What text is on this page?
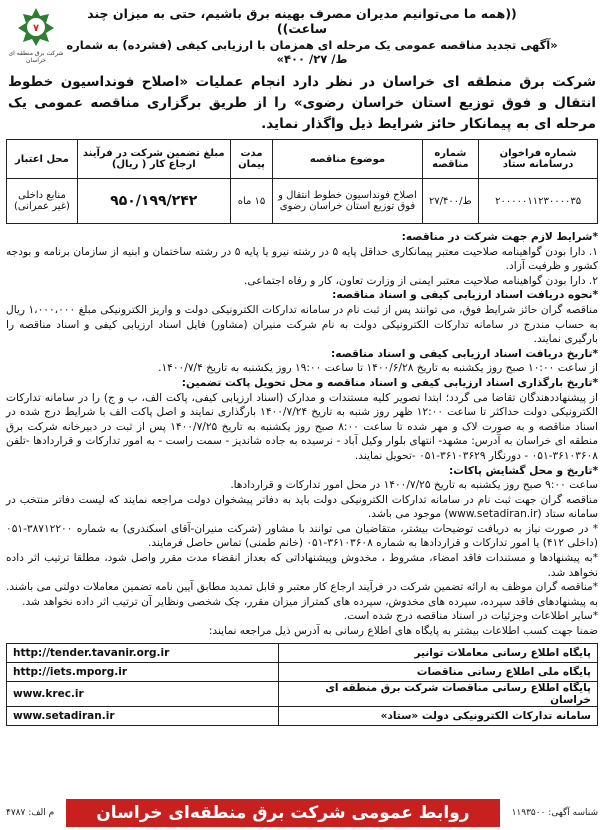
۷
شرکت برق منطقه ای خراسان
((همه ما می‌توانیم مدیران مصرف بهینه برق باشیم، حتی به میزان چند ساعت))
«آگهی تجدید مناقصه عمومی یک مرحله ای همزمان با ارزیابی کیفی (فشرده) به شماره ط/ ۲۷/ ۴۰۰»
شرکت برق منطقه ای خراسان در نظر دارد انجام عملیات «اصلاح فونداسیون خطوط انتقال و فوق توزیع استان خراسان رضوی» را از طریق برگزاری مناقصه عمومی یک مرحله ای به پیمانکار حائز شرایط ذیل واگذار نماید.
شماره فراخوان درسامانه ستاد	شماره مناقصه	موضوع مناقصه	مدت پیمان	مبلغ تضمین شرکت در فرآیند ارجاع کار ( ریال)	محل اعتبار
۲۰۰۰۰۰۱۱۲۳۰۰۰۰۳۵	ط/۲۷/۴۰۰	اصلاح فونداسیون خطوط انتقال و فوق توزیع استان خراسان رضوی	۱۵ ماه	۹۵۰/۱۹۹/۲۴۲	منابع داخلی (غیر عمرانی)

*شرایط لازم جهت شرکت در مناقصه:

۱. دارا بودن گواهینامه صلاحیت معتبر پیمانکاری حداقل پایه ۵ در رشته نیرو یا پایه ۵ در رشته ساختمان و ابنیه از سازمان برنامه و بودجه کشور و ظرفیت آزاد.

۲. دارا بودن گواهینامه صلاحیت معتبر ایمنی از وزارت تعاون، کار و رفاه اجتماعی.

*نحوه دریافت اسناد ارزیابی کیفی و اسناد مناقصه:

مناقصه گران حائز شرایط فوق، می توانند پس از ثبت نام در سامانه تدارکات الکترونیکی دولت و واریز الکترونیکی مبلغ ۱،۰۰۰،۰۰۰ ریال به حساب مندرج در سامانه تدارکات الکترونیکی دولت به نام شرکت منیران (مشاور) فایل اسناد ارزیابی کیفی و اسناد مناقصه را بارگیری نمایند.

*تاریخ دریافت اسناد ارزیابی کیفی و اسناد مناقصه:

از ساعت ۱۰:۰۰ صبح روز یکشنبه به تاریخ ۱۴۰۰/۶/۲۸ تا ساعت ۱۹:۰۰ روز یکشنبه به تاریخ ۱۴۰۰/۷/۴.

*تاریخ بارگذاری اسناد ارزیابی کیفی و اسناد مناقصه و محل تحویل پاکت تضمین:

از پیشنهاددهندگان تقاضا می گردد؛ ابتدا تصویر کلیه مستندات و مدارک (اسناد ارزیابی کیفی، پاکت الف، ب و ج) را در سامانه تدارکات الکترونیکی دولت حداکثر تا ساعت ۱۲:۰۰ ظهر روز شنبه به تاریخ ۱۴۰۰/۷/۲۴ بارگذاری نمایند و اصل پاکت الف با شرایط درج شده در اسناد مناقصه و به صورت لاک و مهر شده تا ساعت ۸:۰۰ صبح روز یکشنبه به تاریخ ۱۴۰۰/۷/۲۵ پس از ثبت در دبیرخانه شرکت برق منطقه ای خراسان به آدرس: مشهد- انتهای بلوار وکیل آباد - نرسیده به جاده شاندیز - سمت راست - به امور تدارکات و قراردادها -تلفن ۳۶۱۰۳۶۰۸-۰۵۱ - دورنگار ۳۶۱۰۳۶۲۹-۰۵۱ -تحویل نمایند.

*تاریخ و محل گشایش پاکات:

ساعت ۹:۰۰ صبح روز یکشنبه به تاریخ ۱۴۰۰/۷/۲۵ در محل امور تدارکات و قراردادها.

مناقصه گران جهت ثبت نام در سامانه تدارکات الکترونیکی دولت باید به دفاتر پیشخوان دولت مراجعه نمایند که لیست دفاتر منتخب در سامانه ستاد (www.setadiran.ir) موجود می باشد.

* در صورت نیاز به دریافت توضیحات بیشتر، متقاضیان می توانند با مشاور (شرکت منیران-آقای اسکندری) به شماره ۳۸۷۱۲۲۰۰-۰۵۱ (داخلی ۴۱۲) یا امور تدارکات و قراردادها به شماره ۳۶۱۰۳۶۰۸-۰۵۱ (خانم طمنی) تماس حاصل فرمایند.

*به پیشنهادها و مستندات فاقد امضاء، مشروط ، مخدوش وپیشنهاداتی که بعداز انقضاء مدت مقرر واصل شود، مطلقا ترتیب اثر داده نخواهد شد.

*مناقصه گران موظف به ارائه تضمین شرکت در فرآیند ارجاع کار معتبر و قابل تمدید مطابق آیین نامه تضمین معاملات دولتی می باشند. به پیشنهادهای فاقد سپرده، سپرده های مخدوش، سپرده های کمتراز میزان مقرر، چک شخصی ونظایر آن ترتیب اثر داده نخواهد شد.

*سایر اطلاعات وجزئیات در اسناد مناقصه درج شده است.

ضمنا جهت کسب اطلاعات بیشتر به پایگاه های اطلاع رسانی به آدرس ذیل مراجعه نمایند:

پایگاه اطلاع رسانی معاملات توانیر	http://tender.tavanir.org.ir
پایگاه ملی اطلاع رسانی مناقصات	http://iets.mporg.ir
پایگاه اطلاع رسانی مناقصات شرکت برق منطقه ای خراسان	www.krec.ir
سامانه تدارکات الکترونیکی دولت «ستاد»	www.setadiran.ir
شناسه آگهی: ۱۱۹۳۵۰۰
روابط عمومی شرکت برق منطقه‌ای خراسان
م الف: ۴۷۸۷
